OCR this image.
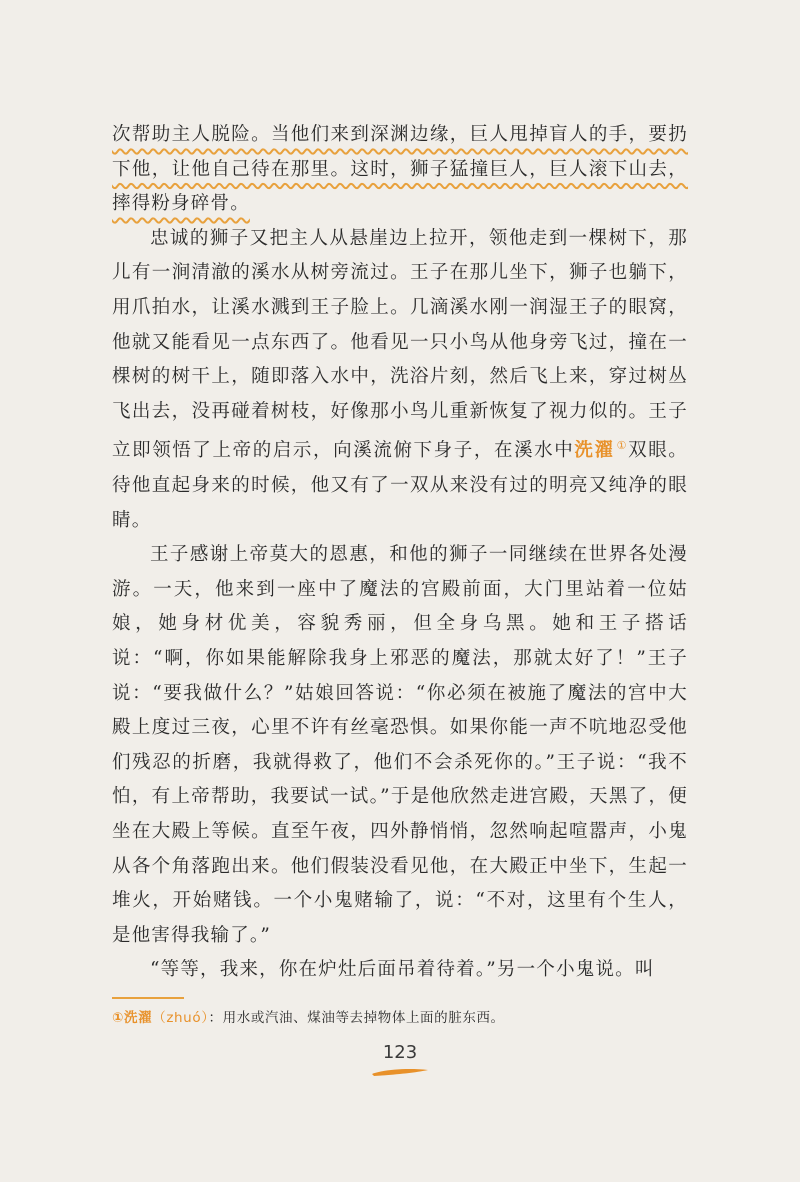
次帮助主人脱险。当他们来到深渊边缘，巨人甩掉盲人的手，要扔下他，让他自己待在那里。这时，狮子猛撞巨人，巨人滚下山去，摔得粉身碎骨。

忠诚的狮子又把主人从悬崖边上拉开，领他走到一棵树下，那儿有一涧清澈的溪水从树旁流过。王子在那儿坐下，狮子也躺下，用爪拍水，让溪水溅到王子脸上。几滴溪水刚一润湿王子的眼窝，他就又能看见一点东西了。他看见一只小鸟从他身旁飞过，撞在一棵树的树干上，随即落入水中，洗浴片刻，然后飞上来，穿过树丛飞出去，没再碰着树枝，好像那小鸟儿重新恢复了视力似的。王子立即领悟了上帝的启示，向溪流俯下身子，在溪水中洗濯 ①双眼。待他直起身来的时候，他又有了一双从来没有过的明亮又纯净的眼睛。

王子感谢上帝莫大的恩惠，和他的狮子一同继续在世界各处漫游。一天，他来到一座中了魔法的宫殿前面，大门里站着一位姑娘，她身材优美，容貌秀丽，但全身乌黑。她和王子搭话说：“啊，你如果能解除我身上邪恶的魔法，那就太好了！”王子说：“要我做什么？”姑娘回答说：“你必须在被施了魔法的宫中大殿上度过三夜，心里不许有丝毫恐惧。如果你能一声不吭地忍受他们残忍的折磨，我就得救了，他们不会杀死你的。”王子说：“我不怕，有上帝帮助，我要试一试。”于是他欣然走进宫殿，天黑了，便坐在大殿上等候。直至午夜，四外静悄悄，忽然响起喧嚣声，小鬼从各个角落跑出来。他们假装没看见他，在大殿正中坐下，生起一堆火，开始赌钱。一个小鬼赌输了，说：“不对，这里有个生人，是他害得我输了。”

“等等，我来，你在炉灶后面吊着待着。”另一个小鬼说。叫

①洗濯（zhuó）：用水或汽油、煤油等去掉物体上面的脏东西。
123
